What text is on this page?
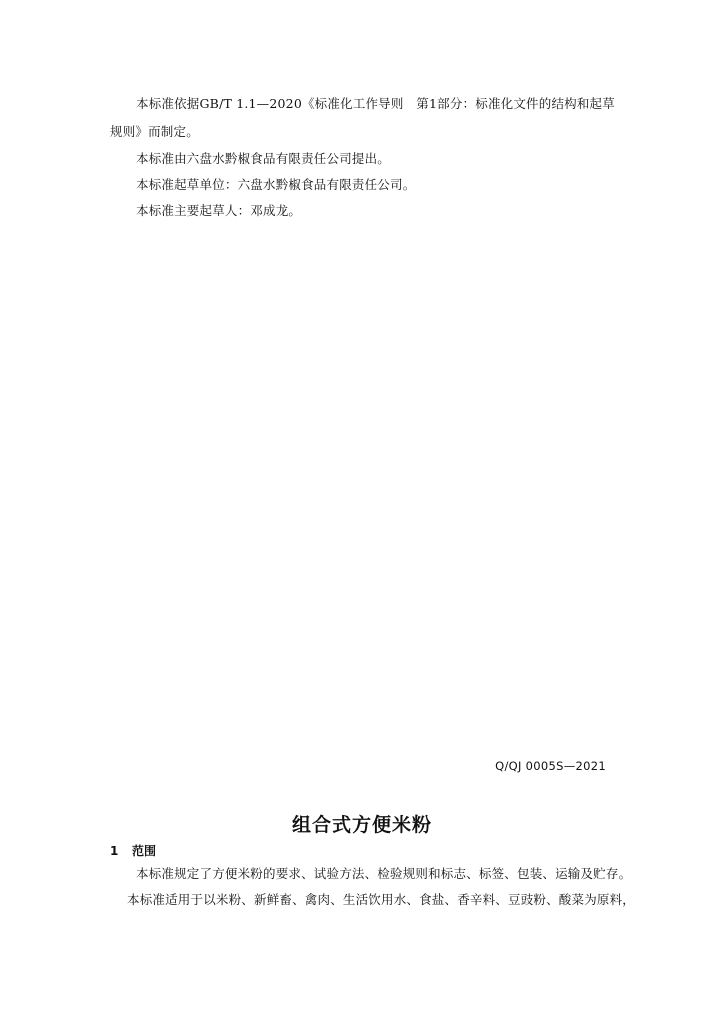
本标准依据GB/T 1.1—2020《标准化工作导则　第1部分：标准化文件的结构和起草
规则》而制定。
本标准由六盘水黔椒食品有限责任公司提出。
本标准起草单位：六盘水黔椒食品有限责任公司。
本标准主要起草人：邓成龙。
Q/QJ 0005S—2021
组合式方便米粉
1 范围
本标准规定了方便米粉的要求、试验方法、检验规则和标志、标签、包装、运输及贮存。
本标准适用于以米粉、新鲜畜、禽肉、生活饮用水、食盐、香辛料、豆豉粉、酸菜为原料，
